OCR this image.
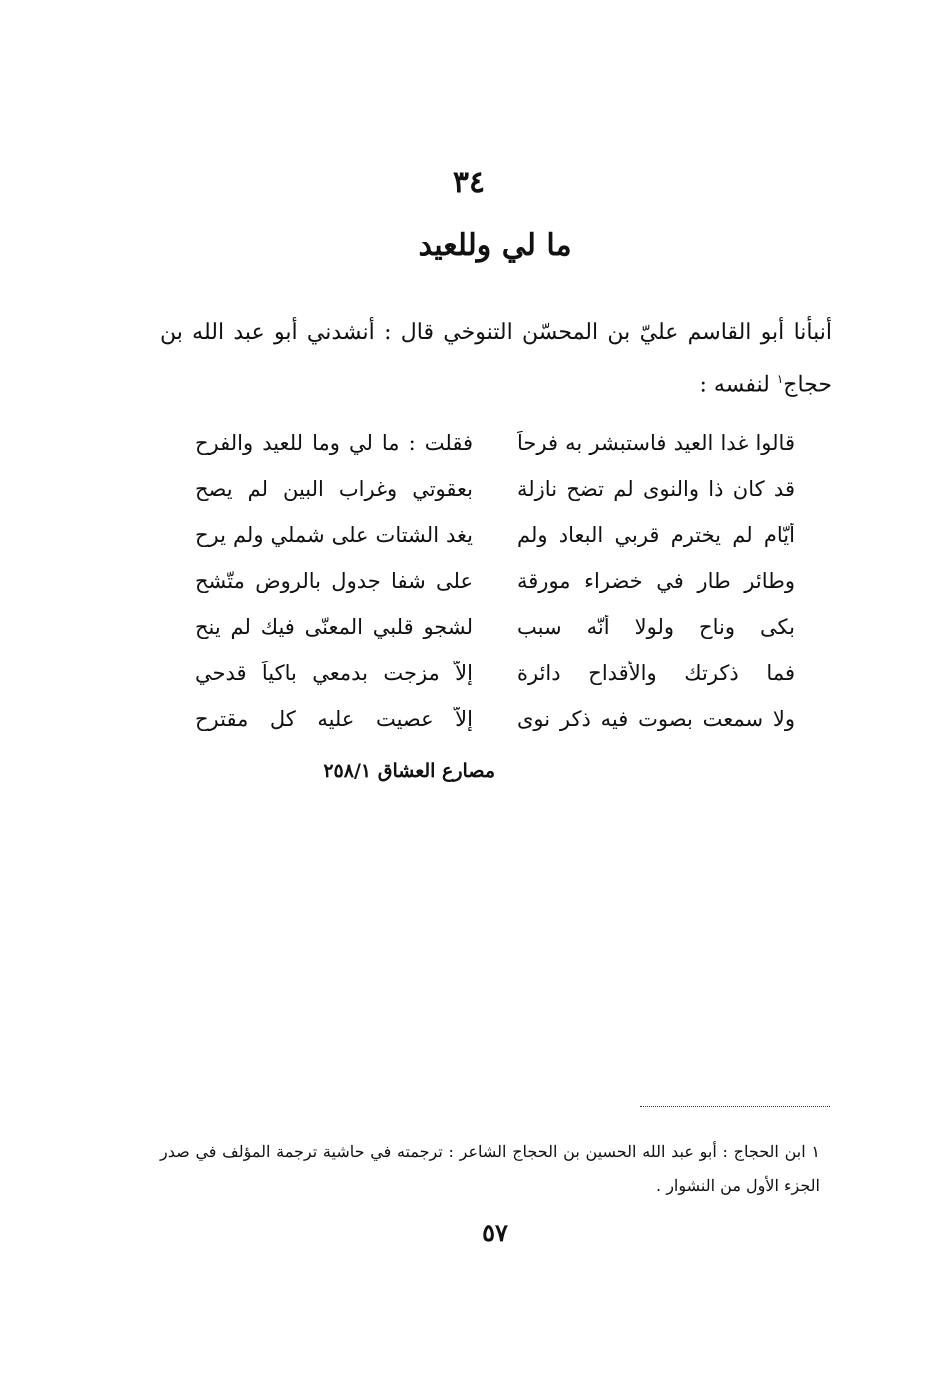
٣٤
ما لي وللعيد
أنبأنا أبو القاسم عليّ بن المحسّن التنوخي قال : أنشدني أبو عبد الله بن حجاج$^١$ لنفسه :
قالوا غدا العيد فاستبشر به فرحاً
فقلت : ما لي وما للعيد والفرح
قد كان ذا والنوى لم تضح نازلة
بعقوتي وغراب البين لم يصح
أيّام لم يخترم قربي البعاد ولم
يغد الشتات على شملي ولم يرح
وطائر طار في خضراء مورقة
على شفا جدول بالروض متّشح
بكى وناح ولولا أنّه سبب
لشجو قلبي المعنّى فيك لم ينح
فما ذكرتك والأقداح دائرة
إلاّ مزجت بدمعي باكياً قدحي
ولا سمعت بصوت فيه ذكر نوى
إلاّ عصيت عليه كل مقترح
مصارع العشاق ٢٥٨/١
١ ابن الحجاج : أبو عبد الله الحسين بن الحجاج الشاعر : ترجمته في حاشية ترجمة المؤلف في صدر الجزء الأول من النشوار .
٥٧
